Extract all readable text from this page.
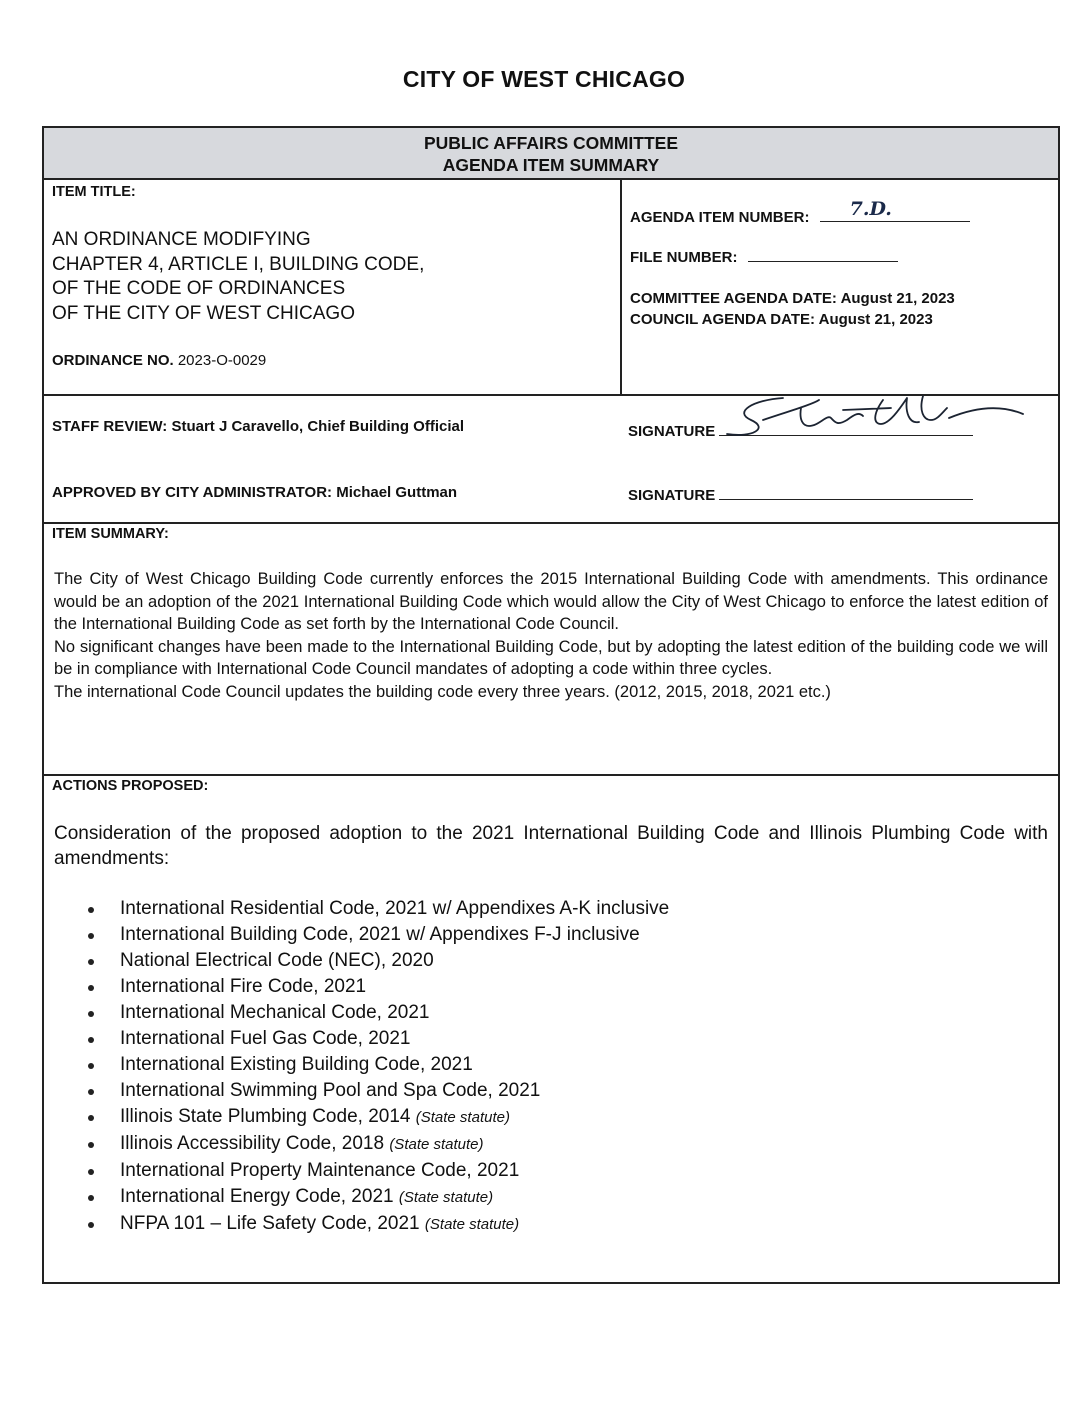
CITY OF WEST CHICAGO
PUBLIC AFFAIRS COMMITTEE
AGENDA ITEM SUMMARY
ITEM TITLE:
AN ORDINANCE MODIFYING
CHAPTER 4, ARTICLE I, BUILDING CODE,
OF THE CODE OF ORDINANCES
OF THE CITY OF WEST CHICAGO
ORDINANCE NO. 2023-O-0029
AGENDA ITEM NUMBER: 7.D.
FILE NUMBER:
COMMITTEE AGENDA DATE: August 21, 2023
COUNCIL AGENDA DATE: August 21, 2023
STAFF REVIEW: Stuart J Caravello, Chief Building Official	SIGNATURE
APPROVED BY CITY ADMINISTRATOR: Michael Guttman	SIGNATURE
ITEM SUMMARY:

The City of West Chicago Building Code currently enforces the 2015 International Building Code with amendments. This ordinance would be an adoption of the 2021 International Building Code which would allow the City of West Chicago to enforce the latest edition of the International Building Code as set forth by the International Code Council.

No significant changes have been made to the International Building Code, but by adopting the latest edition of the building code we will be in compliance with International Code Council mandates of adopting a code within three cycles.

The international Code Council updates the building code every three years. (2012, 2015, 2018, 2021 etc.)

ACTIONS PROPOSED:
Consideration of the proposed adoption to the 2021 International Building Code and Illinois Plumbing Code with amendments:
International Residential Code, 2021 w/ Appendixes A-K inclusive
International Building Code, 2021 w/ Appendixes F-J inclusive
National Electrical Code (NEC), 2020
International Fire Code, 2021
International Mechanical Code, 2021
International Fuel Gas Code, 2021
International Existing Building Code, 2021
International Swimming Pool and Spa Code, 2021
Illinois State Plumbing Code, 2014 (State statute)
Illinois Accessibility Code, 2018 (State statute)
International Property Maintenance Code, 2021
International Energy Code, 2021 (State statute)
NFPA 101 – Life Safety Code, 2021 (State statute)
